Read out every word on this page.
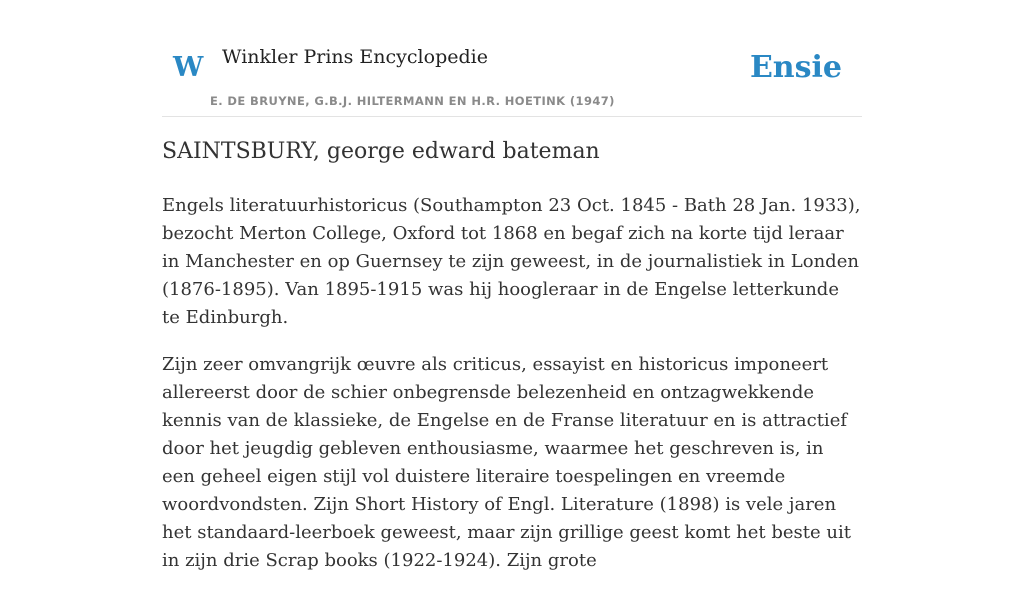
W Winkler Prins Encyclopedie
E. DE BRUYNE, G.B.J. HILTERMANN EN H.R. HOETINK (1947)
Ensie
SAINTSBURY, george edward bateman

Engels literatuurhistoricus (Southampton 23 Oct. 1845 - Bath 28 Jan. 1933), bezocht Merton College, Oxford tot 1868 en begaf zich na korte tijd leraar in Manchester en op Guernsey te zijn geweest, in de journalistiek in Londen (1876-1895). Van 1895-1915 was hij hoogleraar in de Engelse letterkunde te Edinburgh.

Zijn zeer omvangrijk œuvre als criticus, essayist en historicus imponeert allereerst door de schier onbegrensde belezenheid en ontzagwekkende kennis van de klassieke, de Engelse en de Franse literatuur en is attractief door het jeugdig gebleven enthousiasme, waarmee het geschreven is, in een geheel eigen stijl vol duistere literaire toespelingen en vreemde woordvondsten. Zijn Short History of Engl. Literature (1898) is vele jaren het standaard-leerboek geweest, maar zijn grillige geest komt het beste uit in zijn drie Scrap books (1922-1924). Zijn grote
